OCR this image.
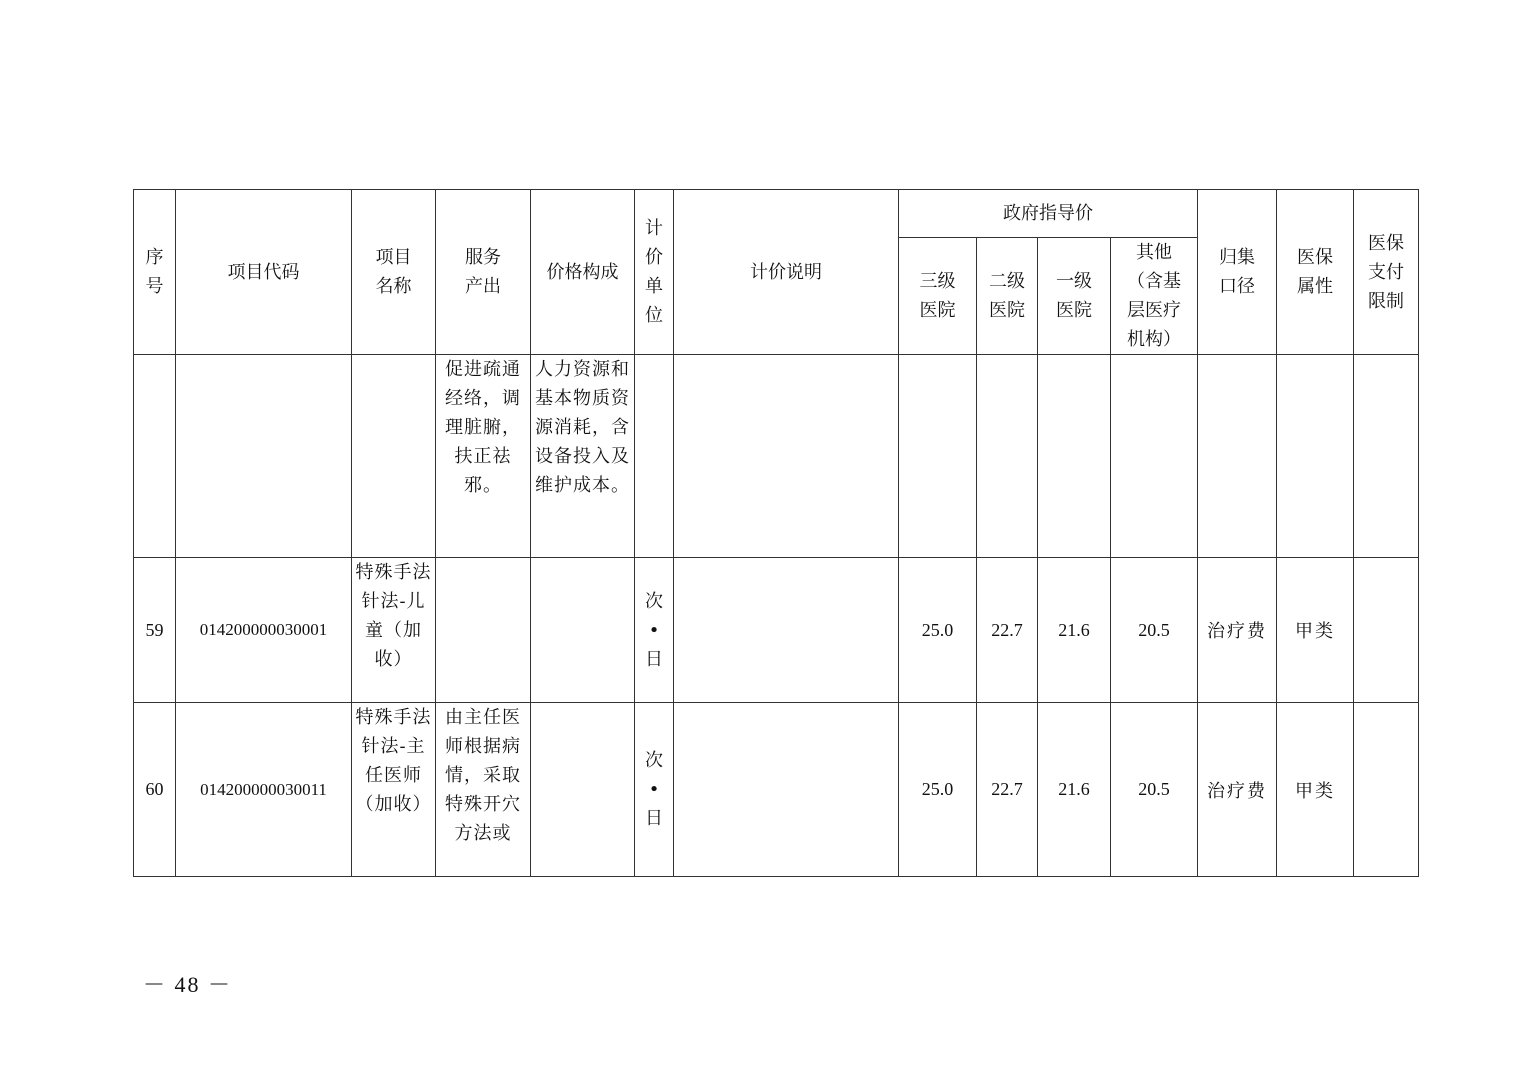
序号	项目代码	项目名称	服务产出	价格构成	计价单位	计价说明	政府指导价				归集口径	医保属性	医保支付限制
							三级医院	二级医院	一级医院	其他（含基层医疗机构）			
			促进疏通经络，调理脏腑，扶正祛邪。	人力资源和基本物质资源消耗，含设备投入及维护成本。									
59	014200000030001	特殊手法针法-儿童（加收）			次•日		25.0	22.7	21.6	20.5	治疗费	甲类	
60	014200000030011	特殊手法针法-主任医师（加收）	由主任医师根据病情，采取特殊开穴方法或		次•日		25.0	22.7	21.6	20.5	治疗费	甲类	
－ 48 －
